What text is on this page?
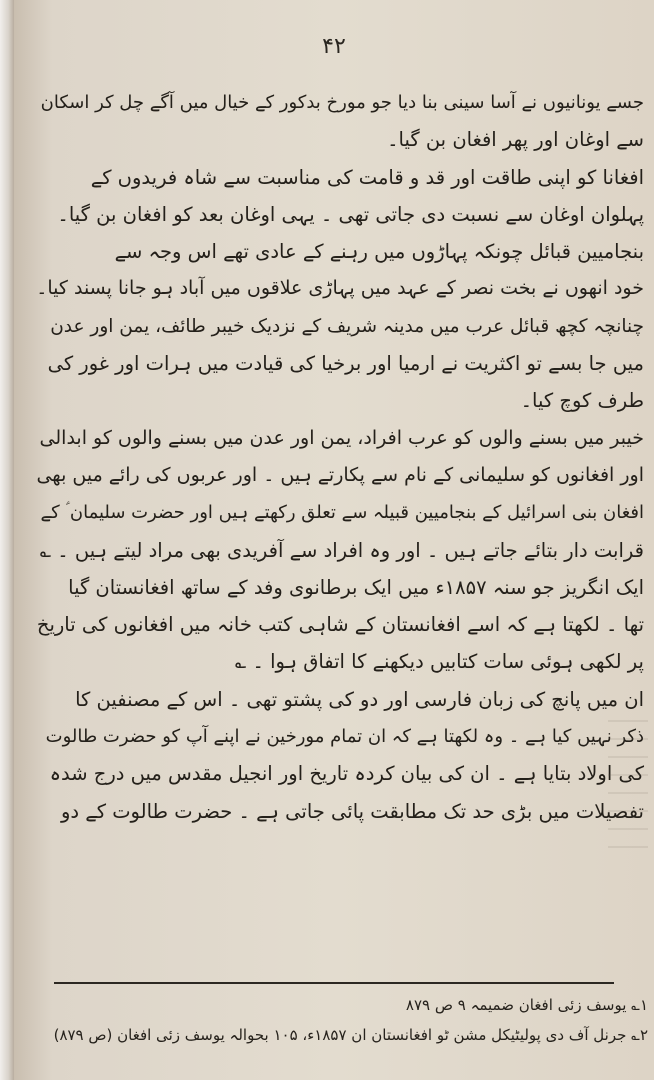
۴۲
جسے یونانیوں نے آسا سینی بنا دیا جو مورخ بدکور کے خیال میں آگے چل کر اسکان
سے اوغان اور پھر افغان بن گیا۔
افغانا کو اپنی طاقت اور قد و قامت کی مناسبت سے شاہ فریدوں کے
پہلوان اوغان سے نسبت دی جاتی تھی ۔ یہی اوغان بعد کو افغان بن گیا۔
بنجامیین قبائل چونکہ پہاڑوں میں رہنے کے عادی تھے اس وجہ سے
خود انھوں نے بخت نصر کے عہد میں پہاڑی علاقوں میں آباد ہو جانا پسند کیا۔
چنانچہ کچھ قبائل عرب میں مدینہ شریف کے نزدیک خیبر طائف، یمن اور عدن
میں جا بسے تو اکثریت نے ارمیا اور برخیا کی قیادت میں ہرات اور غور کی
طرف کوچ کیا۔
خیبر میں بسنے والوں کو عرب افراد، یمن اور عدن میں بسنے والوں کو ابدالی
اور افغانوں کو سلیمانی کے نام سے پکارتے ہیں ۔ اور عربوں کی رائے میں بھی
افغان بنی اسرائیل کے بنجامیین قبیلہ سے تعلق رکھتے ہیں اور حضرت سلیمان ؑ کے
قرابت دار بتائے جاتے ہیں ۔ اور وہ افراد سے آفریدی بھی مراد لیتے ہیں ۔ ؎
ایک انگریز جو سنہ ۱۸۵۷ء میں ایک برطانوی وفد کے ساتھ افغانستان گیا
تھا ۔ لکھتا ہے کہ اسے افغانستان کے شاہی کتب خانہ میں افغانوں کی تاریخ
پر لکھی ہوئی سات کتابیں دیکھنے کا اتفاق ہوا ۔ ؎
ان میں پانچ کی زبان فارسی اور دو کی پشتو تھی ۔ اس کے مصنفین کا
ذکر نہیں کیا ہے ۔ وہ لکھتا ہے کہ ان تمام مورخین نے اپنے آپ کو حضرت طالوت
کی اولاد بتایا ہے ۔ ان کی بیان کردہ تاریخ اور انجیل مقدس میں درج شدہ
تفصیلات میں بڑی حد تک مطابقت پائی جاتی ہے ۔ حضرت طالوت کے دو
۱؎ یوسف زئی افغان ضمیمہ ۹ ص ۸۷۹
۲؎ جرنل آف دی پولیٹیکل مشن ٹو افغانستان ان ۱۸۵۷ء، ۱۰۵ بحوالہ یوسف زئی افغان (ص ۸۷۹)
